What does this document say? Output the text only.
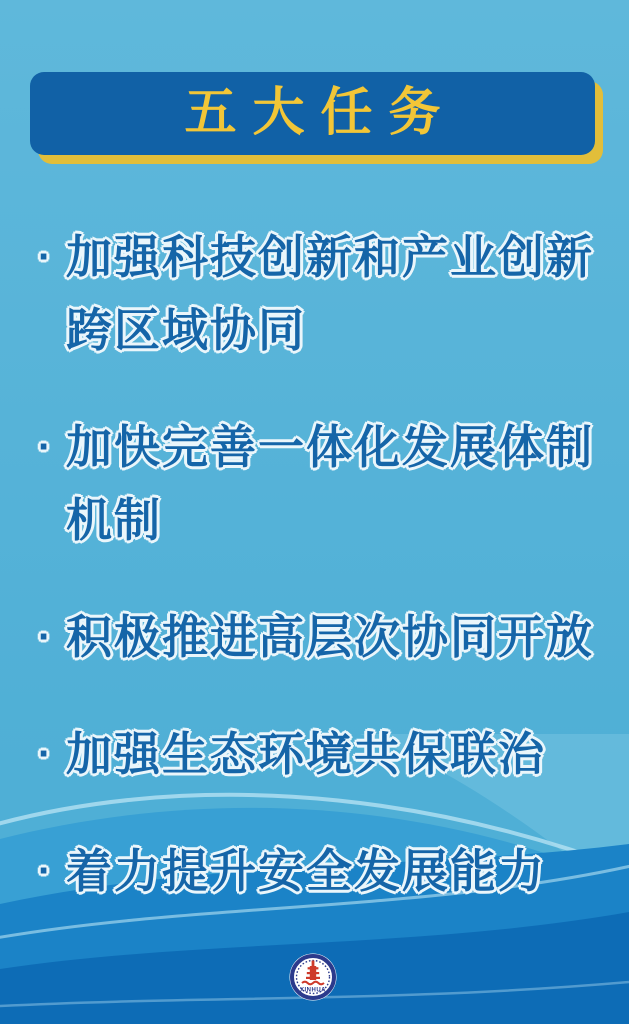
五大任务
· 加强科技创新和产业创新
跨区域协同
· 加快完善一体化发展体制
机制
· 积极推进高层次协同开放
· 加强生态环境共保联治
· 着力提升安全发展能力
XINHUA
